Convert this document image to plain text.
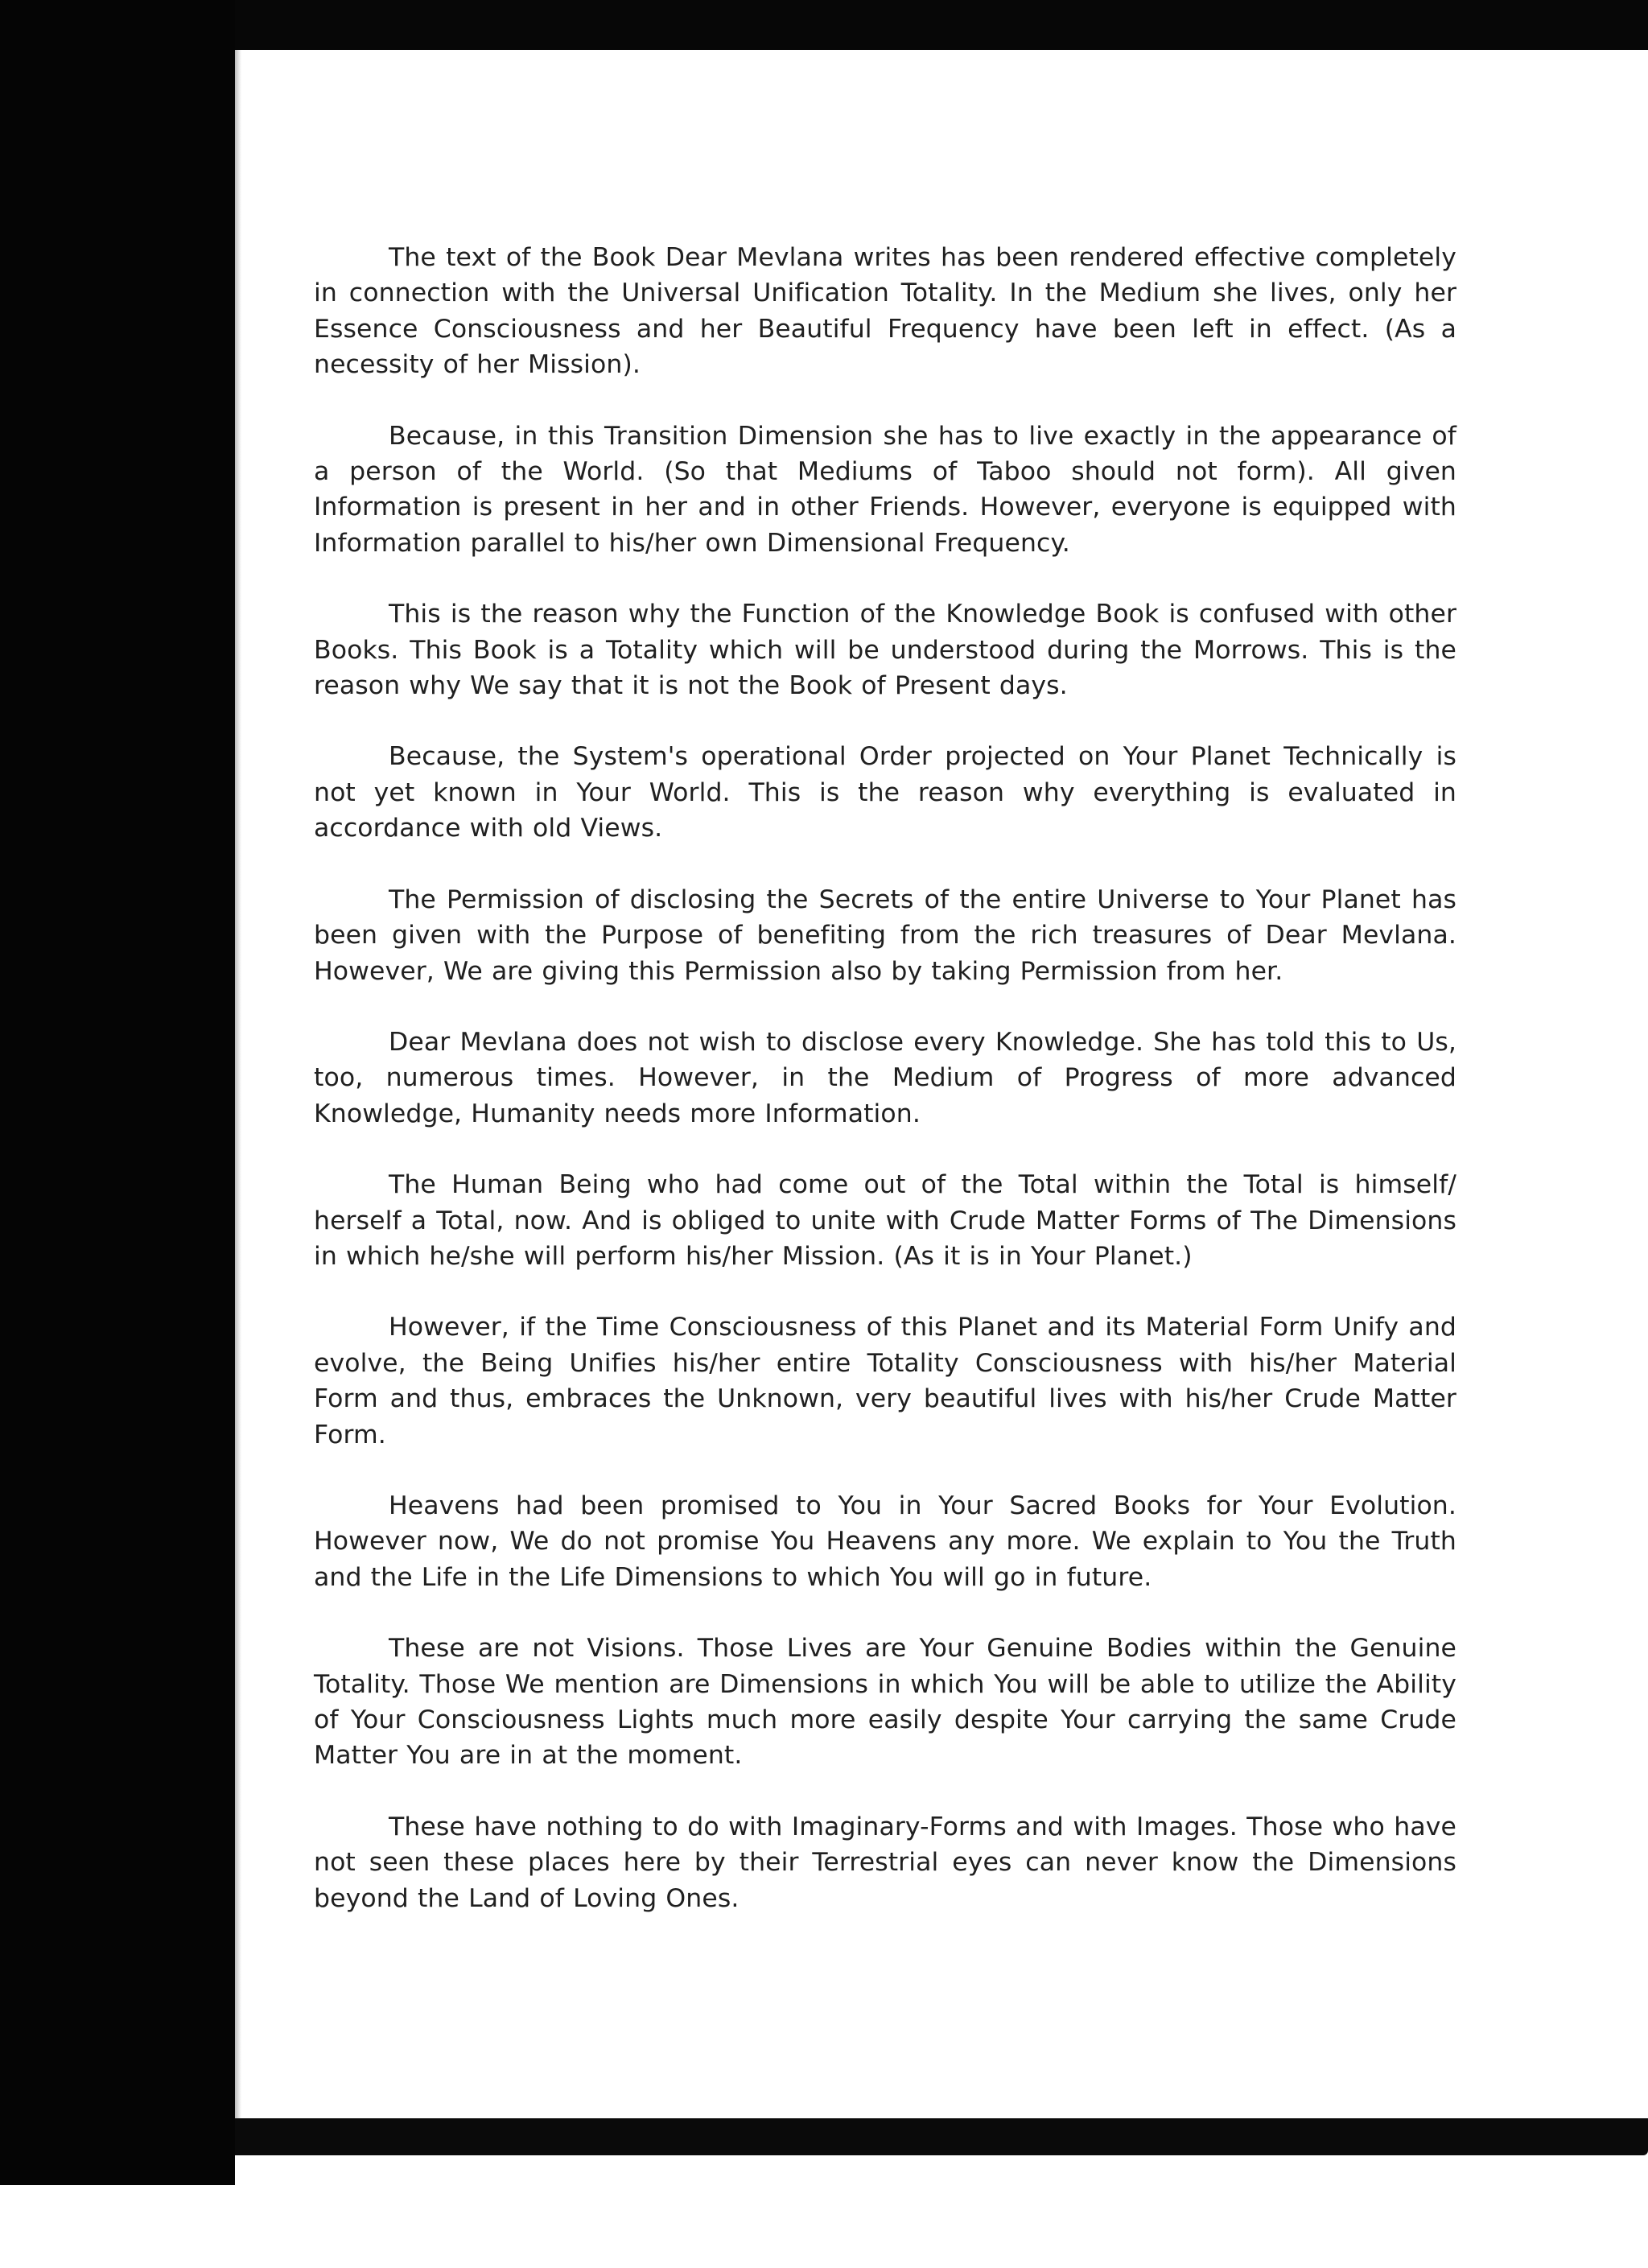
The text of the Book Dear Mevlana writes has been rendered effective completely in connection with the Universal Unification Totality. In the Medium she lives, only her Essence Consciousness and her Beautiful Frequency have been left in effect. (As a necessity of her Mission).

Because, in this Transition Dimension she has to live exactly in the appearance of a person of the World. (So that Mediums of Taboo should not form). All given Information is present in her and in other Friends. However, everyone is equipped with Information parallel to his/her own Dimensional Frequency.

This is the reason why the Function of the Knowledge Book is confused with other Books. This Book is a Totality which will be understood during the Morrows. This is the reason why We say that it is not the Book of Present days.

Because, the System's operational Order projected on Your Planet Technically is not yet known in Your World. This is the reason why everything is evaluated in accordance with old Views.

The Permission of disclosing the Secrets of the entire Universe to Your Planet has been given with the Purpose of benefiting from the rich treasures of Dear Mevlana. However, We are giving this Permission also by taking Permission from her.

Dear Mevlana does not wish to disclose every Knowledge. She has told this to Us, too, numerous times. However, in the Medium of Progress of more advanced Knowledge, Humanity needs more Information.

The Human Being who had come out of the Total within the Total is himself/ herself a Total, now. And is obliged to unite with Crude Matter Forms of The Dimensions in which he/she will perform his/her Mission. (As it is in Your Planet.)

However, if the Time Consciousness of this Planet and its Material Form Unify and evolve, the Being Unifies his/her entire Totality Consciousness with his/her Material Form and thus, embraces the Unknown, very beautiful lives with his/her Crude Matter Form.

Heavens had been promised to You in Your Sacred Books for Your Evolution. However now, We do not promise You Heavens any more. We explain to You the Truth and the Life in the Life Dimensions to which You will go in future.

These are not Visions. Those Lives are Your Genuine Bodies within the Genuine Totality. Those We mention are Dimensions in which You will be able to utilize the Ability of Your Consciousness Lights much more easily despite Your carrying the same Crude Matter You are in at the moment.

These have nothing to do with Imaginary-Forms and with Images. Those who have not seen these places here by their Terrestrial eyes can never know the Dimensions beyond the Land of Loving Ones.
